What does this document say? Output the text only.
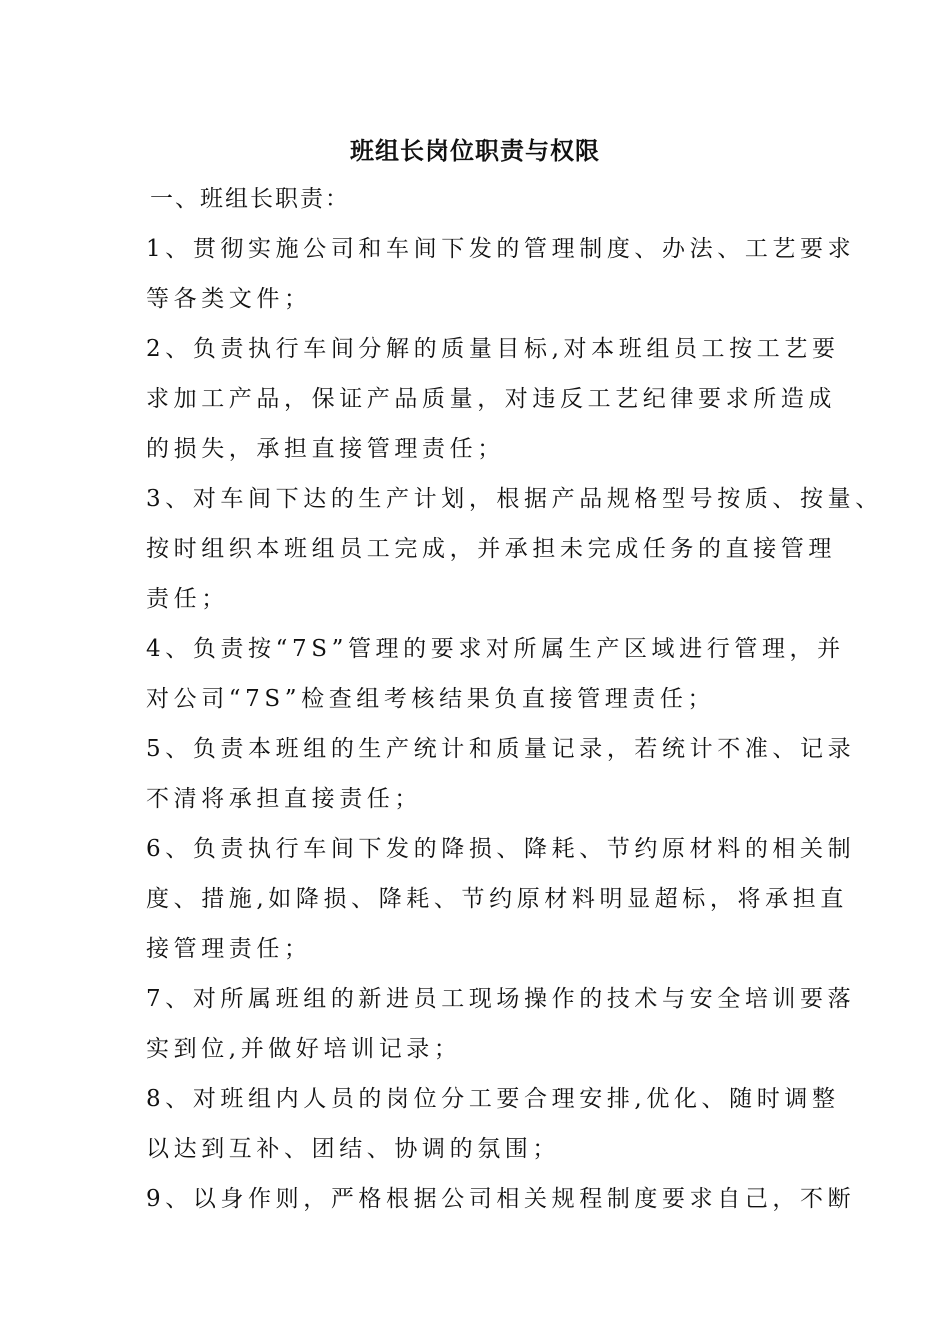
班组长岗位职责与权限

一、班组长职责：

1、贯彻实施公司和车间下发的管理制度、办法、工艺要求

等各类文件；

2、负责执行车间分解的质量目标,对本班组员工按工艺要

求加工产品，保证产品质量，对违反工艺纪律要求所造成

的损失，承担直接管理责任；

3、对车间下达的生产计划，根据产品规格型号按质、按量、

按时组织本班组员工完成，并承担未完成任务的直接管理

责任；

4、负责按“7S”管理的要求对所属生产区域进行管理，并

对公司“7S”检查组考核结果负直接管理责任；

5、负责本班组的生产统计和质量记录，若统计不准、记录

不清将承担直接责任；

6、负责执行车间下发的降损、降耗、节约原材料的相关制

度、措施,如降损、降耗、节约原材料明显超标，将承担直

接管理责任；

7、对所属班组的新进员工现场操作的技术与安全培训要落

实到位,并做好培训记录；

8、对班组内人员的岗位分工要合理安排,优化、随时调整

以达到互补、团结、协调的氛围；

9、以身作则，严格根据公司相关规程制度要求自己，不断
